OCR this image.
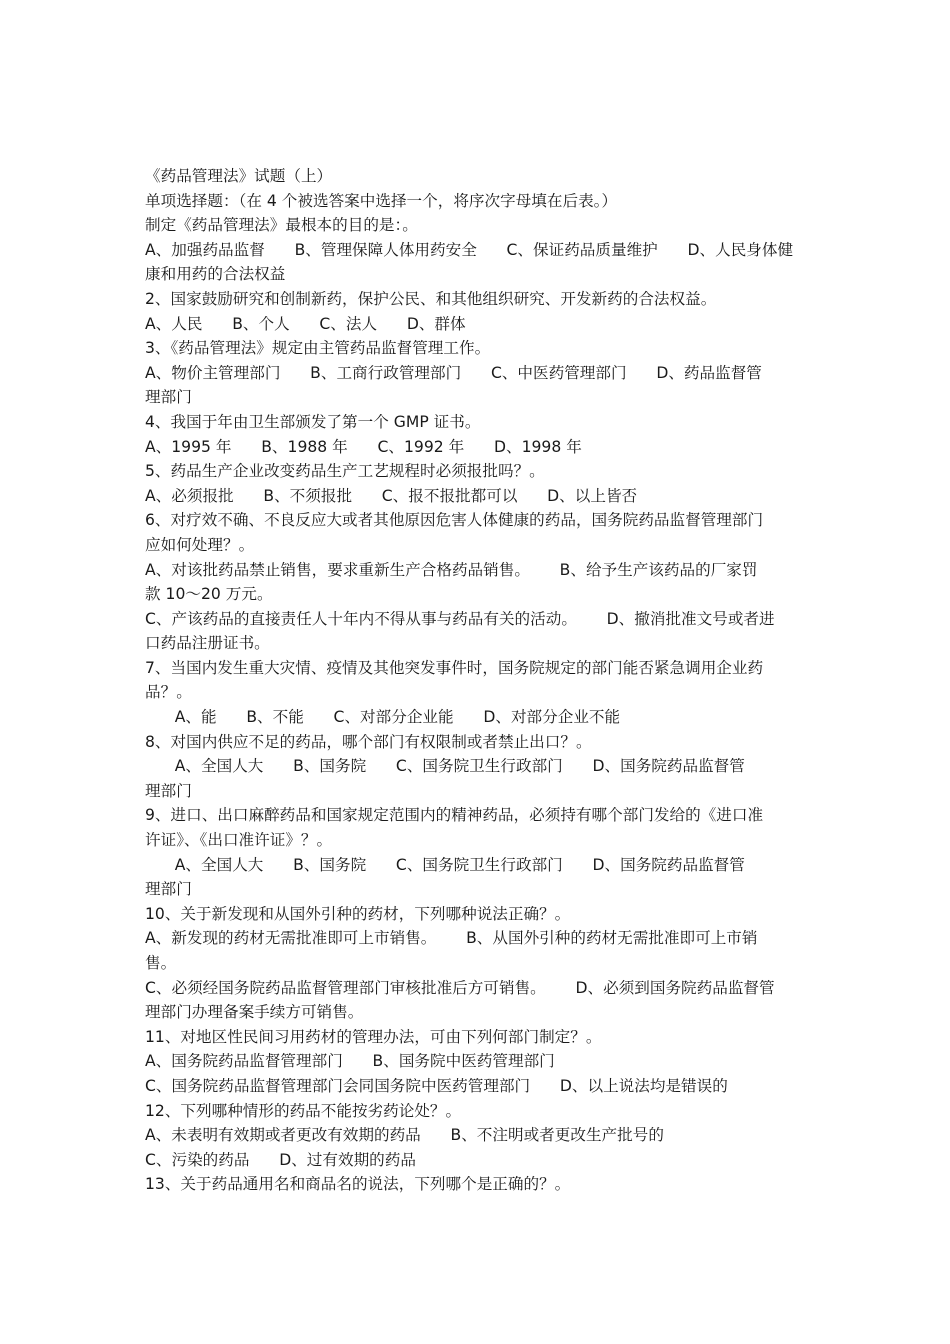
《药品管理法》试题（上）
单项选择题：（在 4 个被选答案中选择一个，将序次字母填在后表。）
制定《药品管理法》最根本的目的是：。
A、加强药品监督      B、管理保障人体用药安全      C、保证药品质量维护      D、人民身体健
康和用药的合法权益
2、国家鼓励研究和创制新药，保护公民、和其他组织研究、开发新药的合法权益。
A、人民      B、个人      C、法人      D、群体
3、《药品管理法》规定由主管药品监督管理工作。
A、物价主管理部门      B、工商行政管理部门      C、中医药管理部门      D、药品监督管
理部门
4、我国于年由卫生部颁发了第一个 GMP 证书。
A、1995 年      B、1988 年      C、1992 年      D、1998 年
5、药品生产企业改变药品生产工艺规程时必须报批吗？。
A、必须报批      B、不须报批      C、报不报批都可以      D、以上皆否
6、对疗效不确、不良反应大或者其他原因危害人体健康的药品，国务院药品监督管理部门
应如何处理？。
A、对该批药品禁止销售，要求重新生产合格药品销售。      B、给予生产该药品的厂家罚
款 10～20 万元。
C、产该药品的直接责任人十年内不得从事与药品有关的活动。      D、撤消批准文号或者进
口药品注册证书。
7、当国内发生重大灾情、疫情及其他突发事件时，国务院规定的部门能否紧急调用企业药
品？。
A、能      B、不能      C、对部分企业能      D、对部分企业不能
8、对国内供应不足的药品，哪个部门有权限制或者禁止出口？。
A、全国人大      B、国务院      C、国务院卫生行政部门      D、国务院药品监督管
理部门
9、进口、出口麻醉药品和国家规定范围内的精神药品，必须持有哪个部门发给的《进口准
许证》、《出口准许证》？。
A、全国人大      B、国务院      C、国务院卫生行政部门      D、国务院药品监督管
理部门
10、关于新发现和从国外引种的药材，下列哪种说法正确？。
A、新发现的药材无需批准即可上市销售。      B、从国外引种的药材无需批准即可上市销
售。
C、必须经国务院药品监督管理部门审核批准后方可销售。      D、必须到国务院药品监督管
理部门办理备案手续方可销售。
11、对地区性民间习用药材的管理办法，可由下列何部门制定？。
A、国务院药品监督管理部门      B、国务院中医药管理部门
C、国务院药品监督管理部门会同国务院中医药管理部门      D、以上说法均是错误的
12、下列哪种情形的药品不能按劣药论处？。
A、未表明有效期或者更改有效期的药品      B、不注明或者更改生产批号的
C、污染的药品      D、过有效期的药品
13、关于药品通用名和商品名的说法，下列哪个是正确的？。
